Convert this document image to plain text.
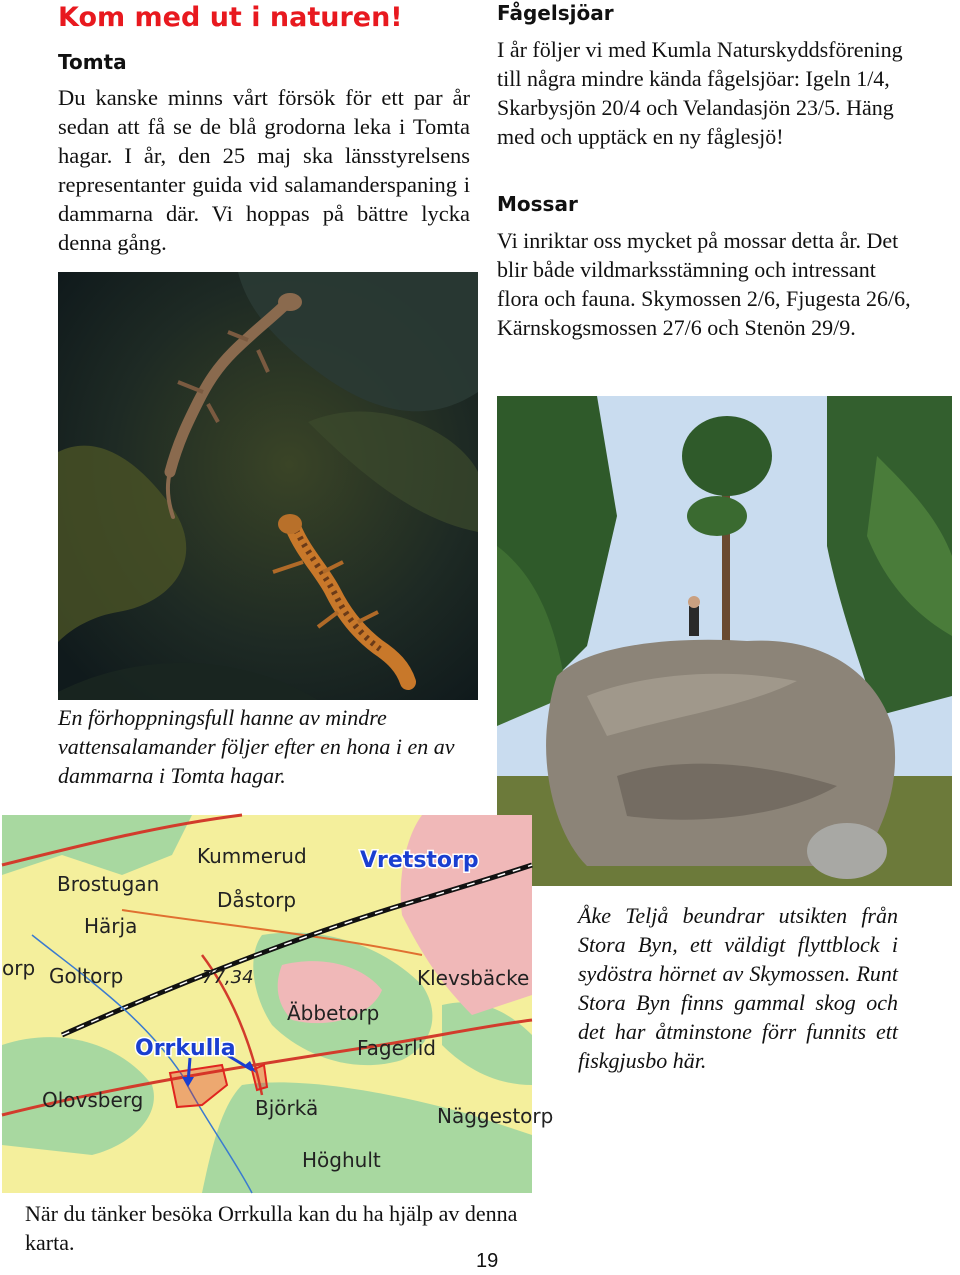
Kom med ut i naturen!
Tomta
Du kanske minns vårt försök för ett par år sedan att få se de blå grodorna leka i Tomta hagar. I år, den 25 maj ska länsstyrelsens representanter guida vid salamanderspaning i dammarna där. Vi hoppas på bättre lycka denna gång.
Fågelsjöar
I år följer vi med Kumla Naturskyddsförening till några mindre kända fågelsjöar: Igeln 1/4, Skarbysjön 20/4 och Velandasjön 23/5. Häng med och upptäck en ny fåglesjö!
Mossar
Vi inriktar oss mycket på mossar detta år. Det blir både vildmarksstämning och intressant flora och fauna. Skymossen 2/6, Fjugesta 26/6, Kärnskogsmossen 27/6 och Stenön 29/9.
Kummerud
Brostugan
Dåstorp
Härja
orp Goltorp	77,34	Klevsbäcke
Äbbetorp
Fagerlid
Olovsberg	Björkä	Näggestorp
Höghult
Vretstorp
Orrkulla
En förhoppningsfull hanne av mindre vattensalamander följer efter en hona i en av dammarna i Tomta hagar.
Åke Teljå beundrar utsikten från Stora Byn, ett väldigt flyttblock i sydöstra hörnet av Skymossen. Runt Stora Byn finns gammal skog och det har åtminstone förr funnits ett fiskgjusbo här.
När du tänker besöka Orrkulla kan du ha hjälp av denna karta.
19
